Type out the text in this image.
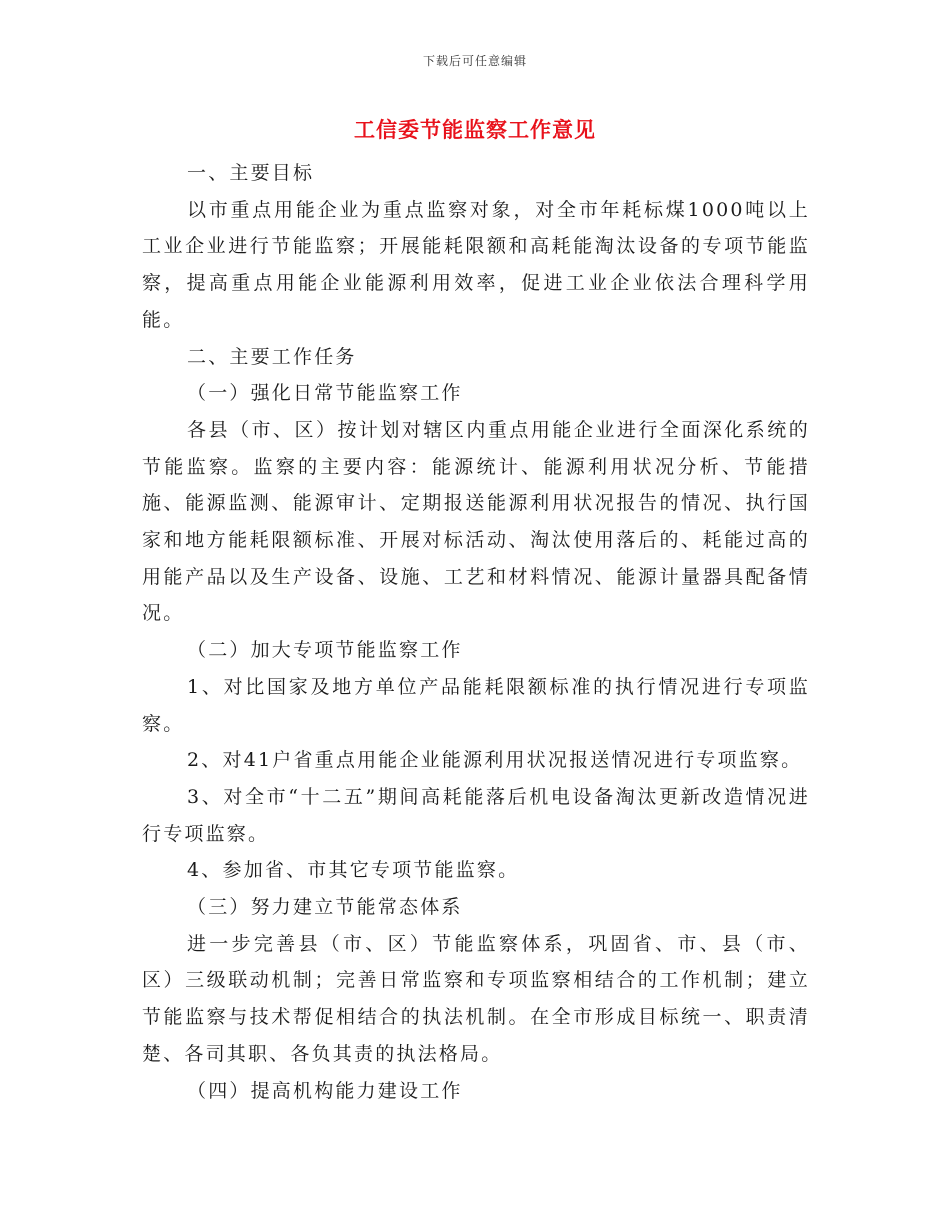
下载后可任意编辑
工信委节能监察工作意见

一、主要目标

以市重点用能企业为重点监察对象，对全市年耗标煤1000吨以上工业企业进行节能监察；开展能耗限额和高耗能淘汰设备的专项节能监察，提高重点用能企业能源利用效率，促进工业企业依法合理科学用能。

二、主要工作任务

（一）强化日常节能监察工作

各县（市、区）按计划对辖区内重点用能企业进行全面深化系统的节能监察。监察的主要内容：能源统计、能源利用状况分析、节能措施、能源监测、能源审计、定期报送能源利用状况报告的情况、执行国家和地方能耗限额标准、开展对标活动、淘汰使用落后的、耗能过高的用能产品以及生产设备、设施、工艺和材料情况、能源计量器具配备情况。

（二）加大专项节能监察工作

1、对比国家及地方单位产品能耗限额标准的执行情况进行专项监察。

2、对41户省重点用能企业能源利用状况报送情况进行专项监察。

3、对全市“十二五”期间高耗能落后机电设备淘汰更新改造情况进行专项监察。

4、参加省、市其它专项节能监察。

（三）努力建立节能常态体系

进一步完善县（市、区）节能监察体系，巩固省、市、县（市、区）三级联动机制；完善日常监察和专项监察相结合的工作机制；建立节能监察与技术帮促相结合的执法机制。在全市形成目标统一、职责清楚、各司其职、各负其责的执法格局。

（四）提高机构能力建设工作
